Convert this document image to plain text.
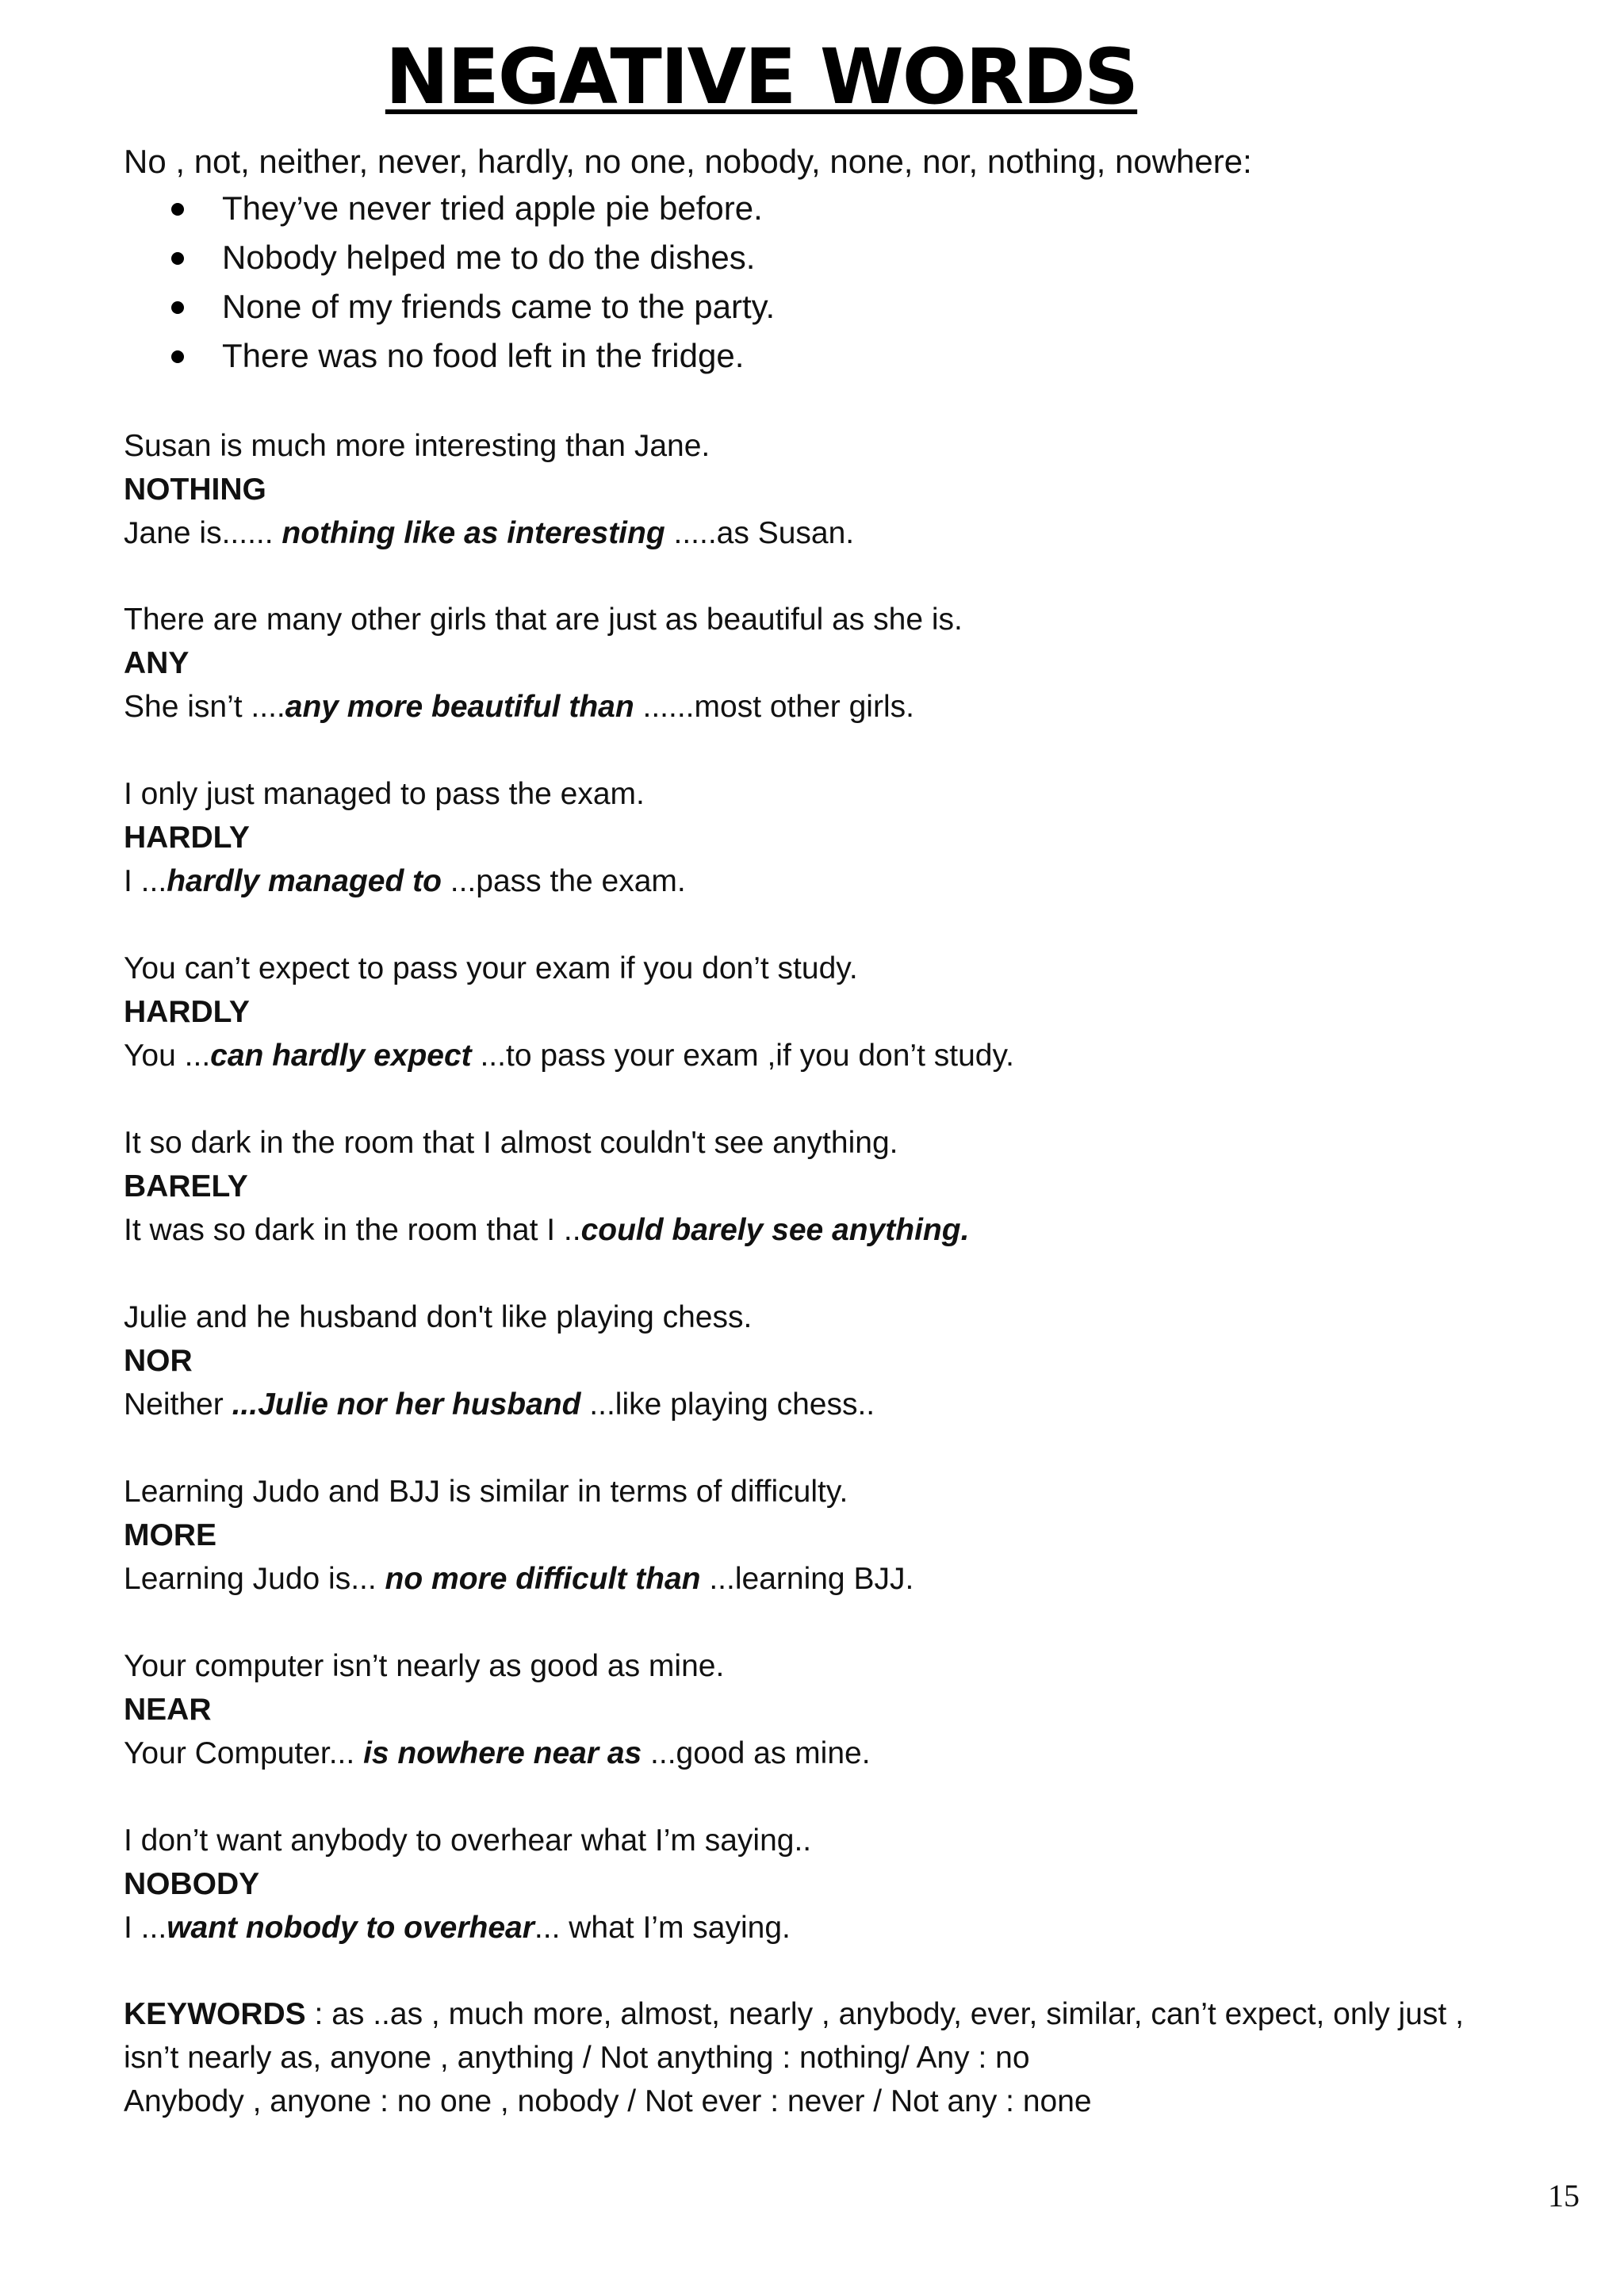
NEGATIVE WORDS

No , not, neither, never, hardly, no one, nobody, none, nor, nothing, nowhere:

They’ve never tried apple pie before.
Nobody helped me to do the dishes.
None of my friends came to the party.
There was no food left in the fridge.
Susan is much more interesting than Jane.
NOTHING
Jane is...... nothing like as interesting .....as Susan.
There are many other girls that are just as beautiful as she is.
ANY
She isn’t ....any more beautiful than ......most other girls.
I only just managed to pass the exam.
HARDLY
I ...hardly managed to ...pass the exam.
You can’t expect to pass your exam if you don’t study.
HARDLY
You ...can hardly expect ...to pass your exam ,if you don’t study.
It so dark in the room that I almost couldn't see anything.
BARELY
It was so dark in the room that I ..could barely see anything.
Julie and he husband don't like playing chess.
NOR
Neither ...Julie nor her husband ...like playing chess..
Learning Judo and BJJ is similar in terms of difficulty.
MORE
Learning Judo is... no more difficult than ...learning BJJ.
Your computer isn’t nearly as good as mine.
NEAR
Your Computer... is nowhere near as ...good as mine.
I don’t want anybody to overhear what I’m saying..
NOBODY
I ...want nobody to overhear... what I’m saying.
KEYWORDS : as ..as , much more, almost, nearly , anybody, ever, similar, can’t expect, only just ,
isn’t nearly as, anyone , anything / Not anything : nothing/ Any : no
Anybody , anyone : no one , nobody / Not ever : never / Not any : none
15
